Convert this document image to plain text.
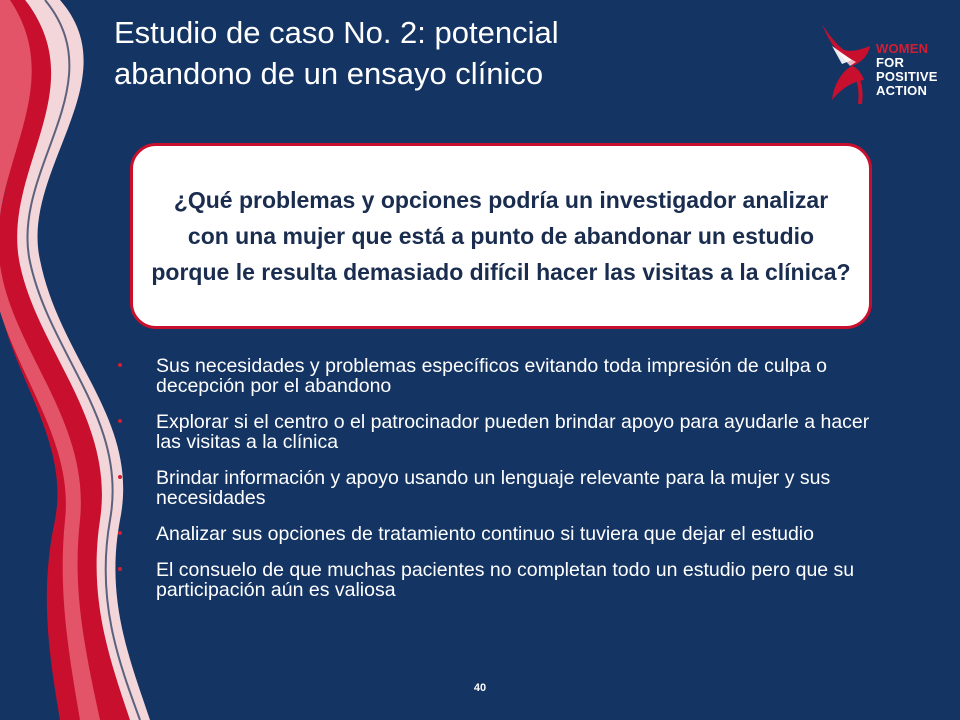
Estudio de caso No. 2: potencial
abandono de un ensayo clínico
WOMEN
FOR
POSITIVE
ACTION

¿Qué problemas y opciones podría un investigador analizar con una mujer que está a punto de abandonar un estudio porque le resulta demasiado difícil hacer las visitas a la clínica?

Sus necesidades y problemas específicos evitando toda impresión de culpa o decepción por el abandono
Explorar si el centro o el patrocinador pueden brindar apoyo para ayudarle a hacer las visitas a la clínica
Brindar información y apoyo usando un lenguaje relevante para la mujer y sus necesidades
Analizar sus opciones de tratamiento continuo si tuviera que dejar el estudio
El consuelo de que muchas pacientes no completan todo un estudio pero que su participación aún es valiosa
40
